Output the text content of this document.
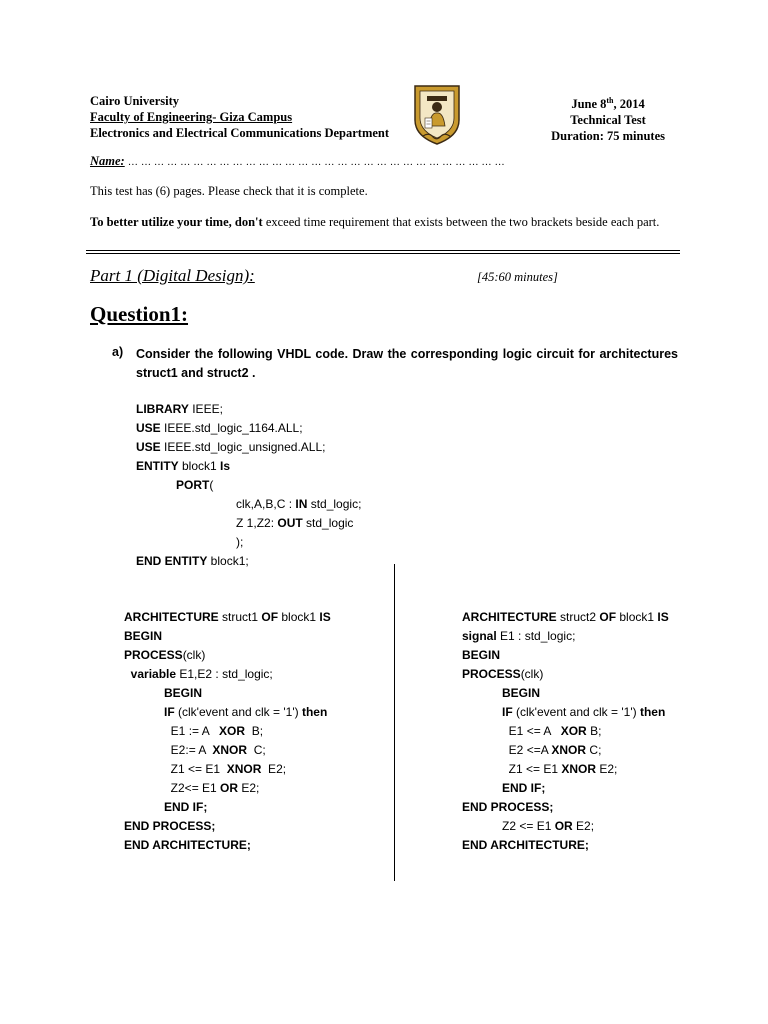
Cairo University
Faculty of Engineering- Giza Campus
Electronics and Electrical Communications Department
June 8th, 2014
Technical Test
Duration: 75 minutes
Name: … … … … … … … … … … … … … … … … … … … … … … … … … … … … …
This test has (6) pages. Please check that it is complete.
To better utilize your time, don't exceed time requirement that exists between the two brackets beside each part.
Part 1 (Digital Design):	[45:60 minutes]
Question1:
a) Consider the following VHDL code. Draw the corresponding logic circuit for architectures struct1 and struct2 .
LIBRARY IEEE;
USE IEEE.std_logic_1164.ALL;
USE IEEE.std_logic_unsigned.ALL;
ENTITY block1 Is
PORT(
clk,A,B,C : IN std_logic;
Z 1,Z2: OUT std_logic
);
END ENTITY block1;
ARCHITECTURE struct1 OF block1 IS
BEGIN
PROCESS(clk)
variable E1,E2 : std_logic;
BEGIN
IF (clk'event and clk = '1') then
E1 := A   XOR  B;
E2:= A  XNOR  C;
Z1 <= E1  XNOR  E2;
Z2<= E1 OR E2;
END IF;
END PROCESS;
END ARCHITECTURE;
ARCHITECTURE struct2 OF block1 IS
signal E1 : std_logic;
BEGIN
PROCESS(clk)
BEGIN
IF (clk'event and clk = '1') then
E1 <= A   XOR B;
E2 <=A XNOR C;
Z1 <= E1 XNOR E2;
END IF;
END PROCESS;
Z2 <= E1 OR E2;
END ARCHITECTURE;
